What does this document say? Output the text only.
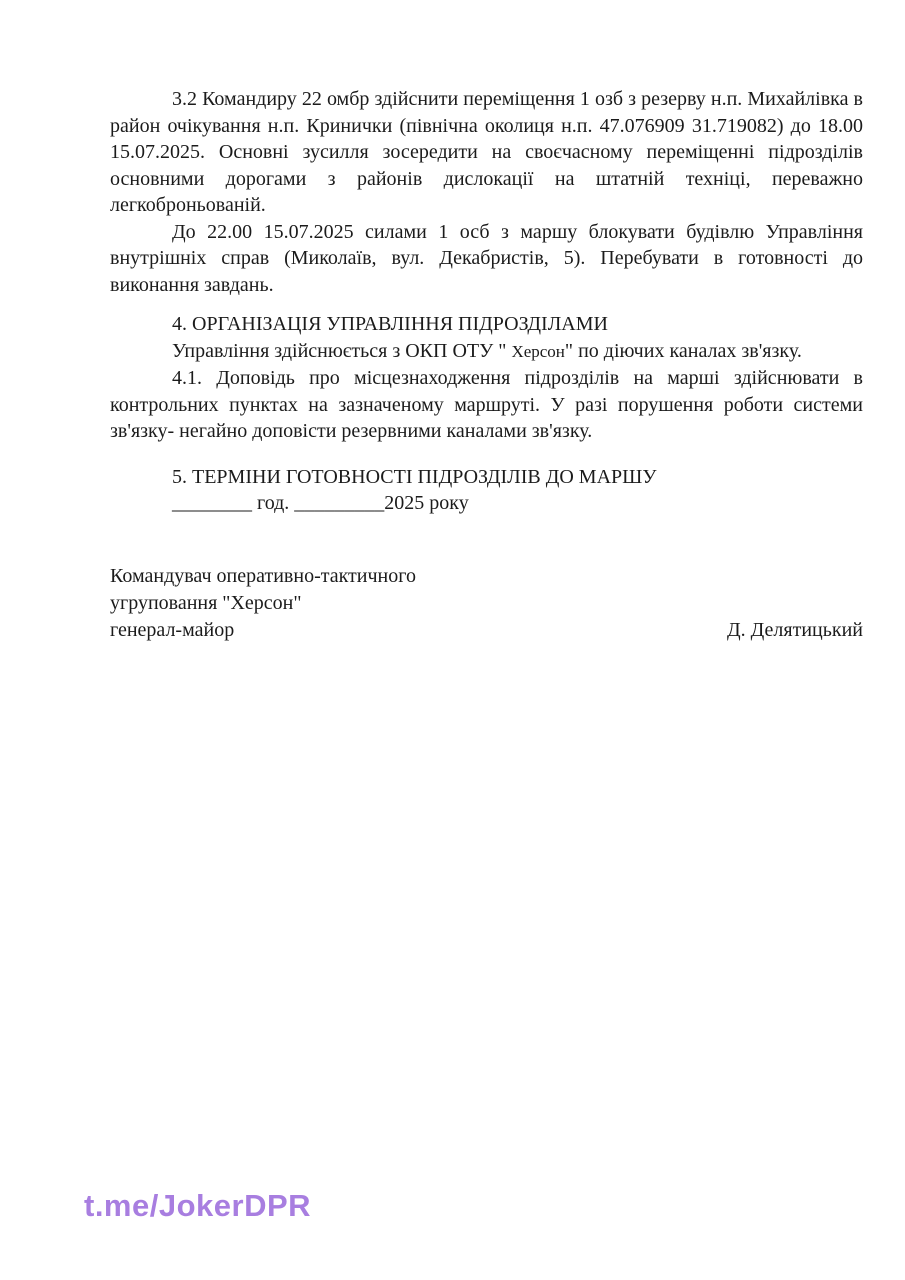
3.2 Командиру 22 омбр здійснити переміщення 1 озб з резерву н.п. Михайлівка в район очікування н.п. Кринички (північна околиця н.п. 47.076909 31.719082) до 18.00 15.07.2025. Основні зусилля зосередити на своєчасному переміщенні підрозділів основними дорогами з районів дислокації на штатній техніці, переважно легкоброньованій.

До 22.00 15.07.2025 силами 1 осб з маршу блокувати будівлю Управління внутрішніх справ (Миколаїв, вул. Декабристів, 5). Перебувати в готовності до виконання завдань.

4. ОРГАНІЗАЦІЯ УПРАВЛІННЯ ПІДРОЗДІЛАМИ

Управління здійснюється з ОКП ОТУ " Херсон" по діючих каналах зв'язку.

4.1. Доповідь про місцезнаходження підрозділів на марші здійснювати в контрольних пунктах на зазначеному маршруті. У разі порушення роботи системи зв'язку- негайно доповісти резервними каналами зв'язку.

5. ТЕРМІНИ ГОТОВНОСТІ ПІДРОЗДІЛІВ ДО МАРШУ

________ год. _________2025 року

Командувач оперативно-тактичного

угруповання "Херсон"

генерал-майор	Д. Делятицький
t.me/JokerDPR
